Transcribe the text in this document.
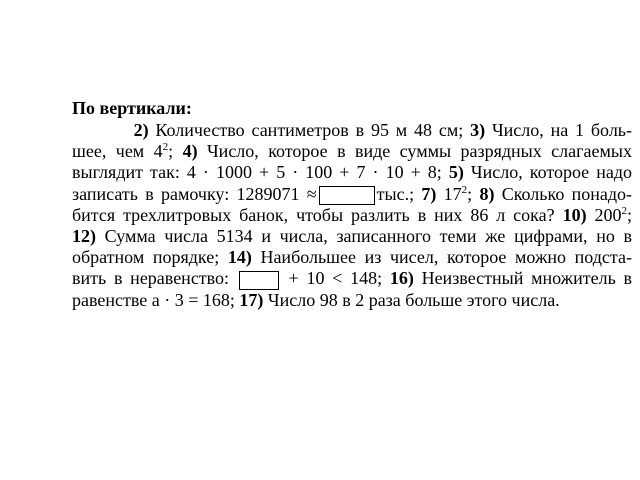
По вертикали:
2) Количество сантиметров в 95 м 48 см; 3) Число, на 1 боль-
шее, чем $4^2$; 4) Число, которое в виде суммы разрядных слагаемых
выглядит так: 4 · 1000 + 5 · 100 + 7 · 10 + 8; 5) Число, которое надо
записать в рамочку: 1289071 ≈	тыс.; 7) $17^2$; 8) Сколько понадо-
бится трехлитровых банок, чтобы разлить в них 86 л сока? 10) $200^2$;
12) Сумма числа 5134 и числа, записанного теми же цифрами, но в
обратном порядке; 14) Наибольшее из чисел, которое можно подста-
вить в неравенство:	+ 10 < 148; 16) Неизвестный множитель в
равенстве a · 3 = 168; 17) Число 98 в 2 раза больше этого числа.
